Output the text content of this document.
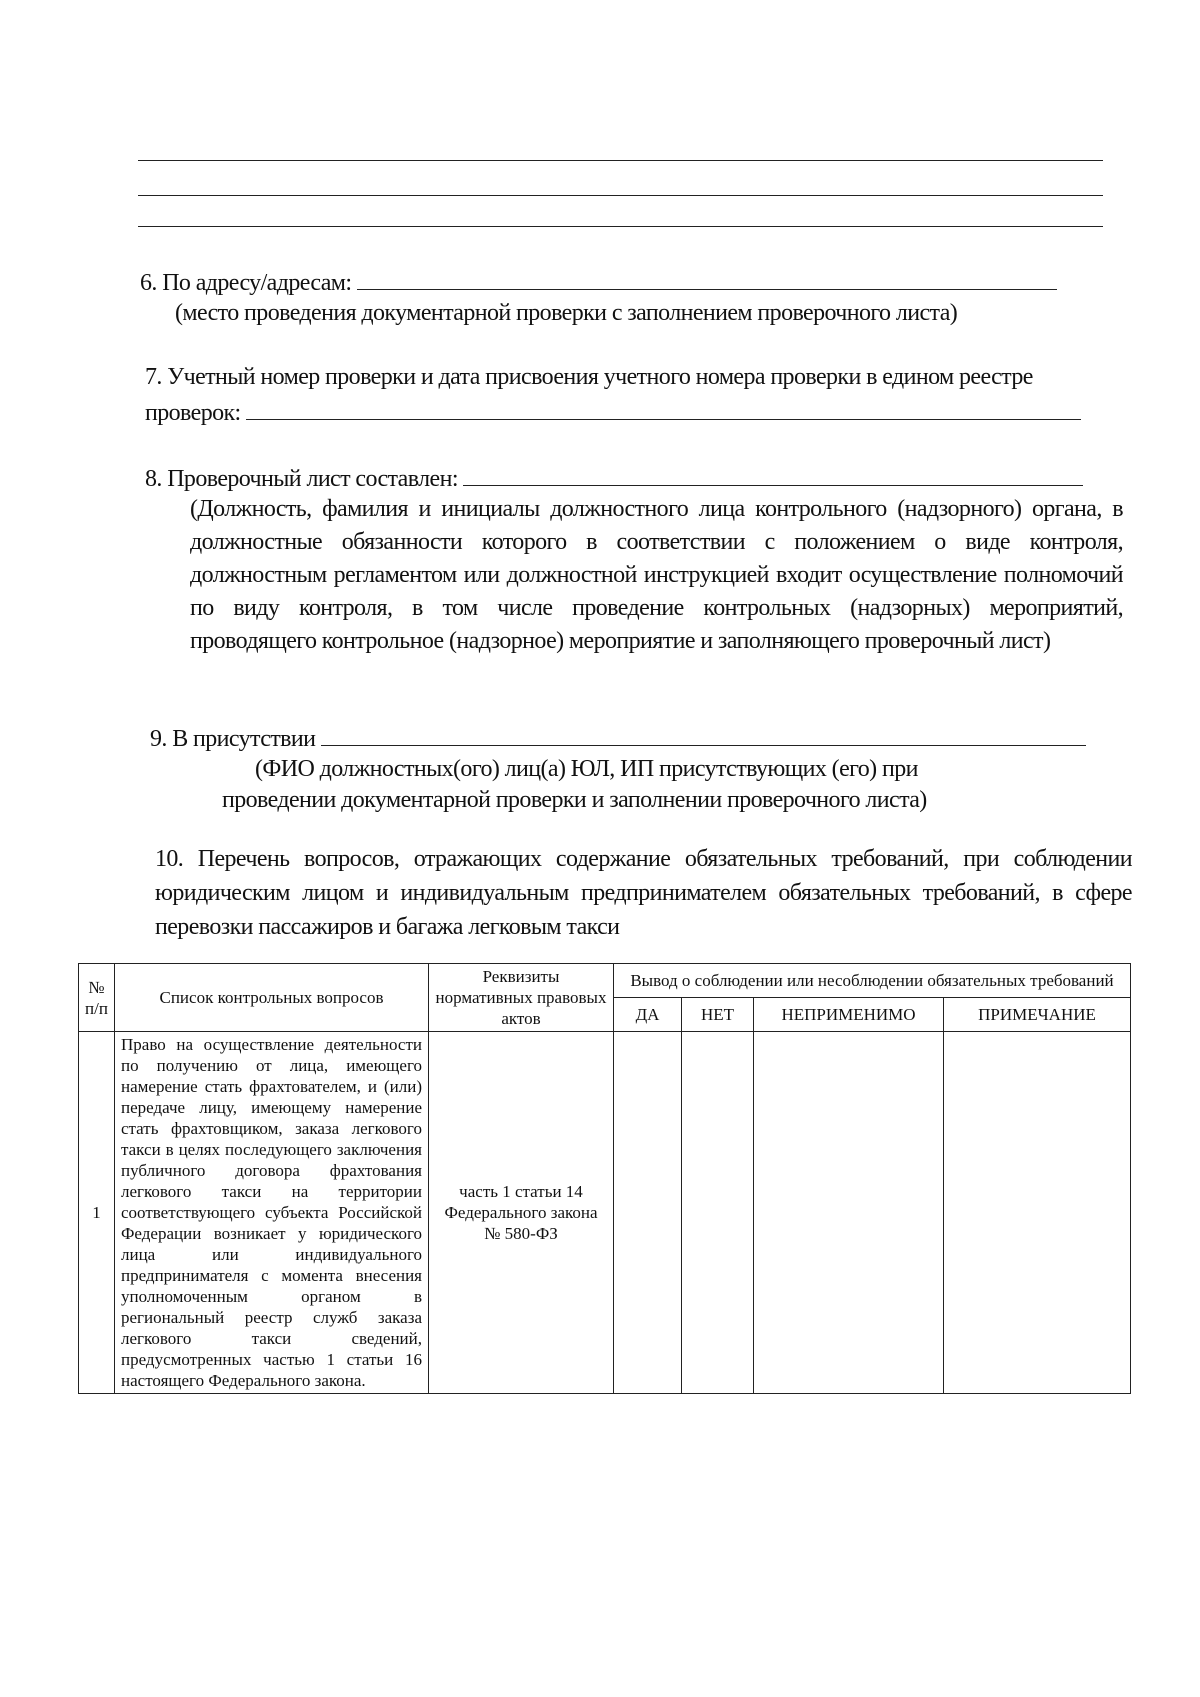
6. По адресу/адресам:
(место проведения документарной проверки с заполнением проверочного листа)
7. Учетный номер проверки и дата присвоения учетного номера проверки в едином реестре
проверок:
8. Проверочный лист составлен:
(Должность, фамилия и инициалы должностного лица контрольного (надзорного) органа, в должностные обязанности которого в соответствии с положением о виде контроля, должностным регламентом или должностной инструкцией входит осуществление полномочий по виду контроля, в том числе проведение контрольных (надзорных) мероприятий, проводящего контрольное (надзорное) мероприятие и заполняющего проверочный лист)
9. В присутствии
(ФИО должностных(ого) лиц(а) ЮЛ, ИП присутствующих (его) при
проведении документарной проверки и заполнении проверочного листа)
10. Перечень вопросов, отражающих содержание обязательных требований, при соблюдении юридическим лицом и индивидуальным предпринимателем обязательных требований, в сфере перевозки пассажиров и багажа легковым такси
№ п/п	Список контрольных вопросов	Реквизиты нормативных правовых актов	Вывод о соблюдении или несоблюдении обязательных требований			
			ДА	НЕТ	НЕПРИМЕНИМО	ПРИМЕЧАНИЕ
1	Право на осуществление деятельности по получению от лица, имеющего намерение стать фрахтователем, и (или) передаче лицу, имеющему намерение стать фрахтовщиком, заказа легкового такси в целях последующего заключения публичного договора фрахтования легкового такси на территории соответствующего субъекта Российской Федерации возникает у юридического лица или индивидуального предпринимателя с момента внесения уполномоченным органом в региональный реестр служб заказа легкового такси сведений, предусмотренных частью 1 статьи 16 настоящего Федерального закона.	часть 1 статьи 14 Федерального закона № 580-ФЗ				
